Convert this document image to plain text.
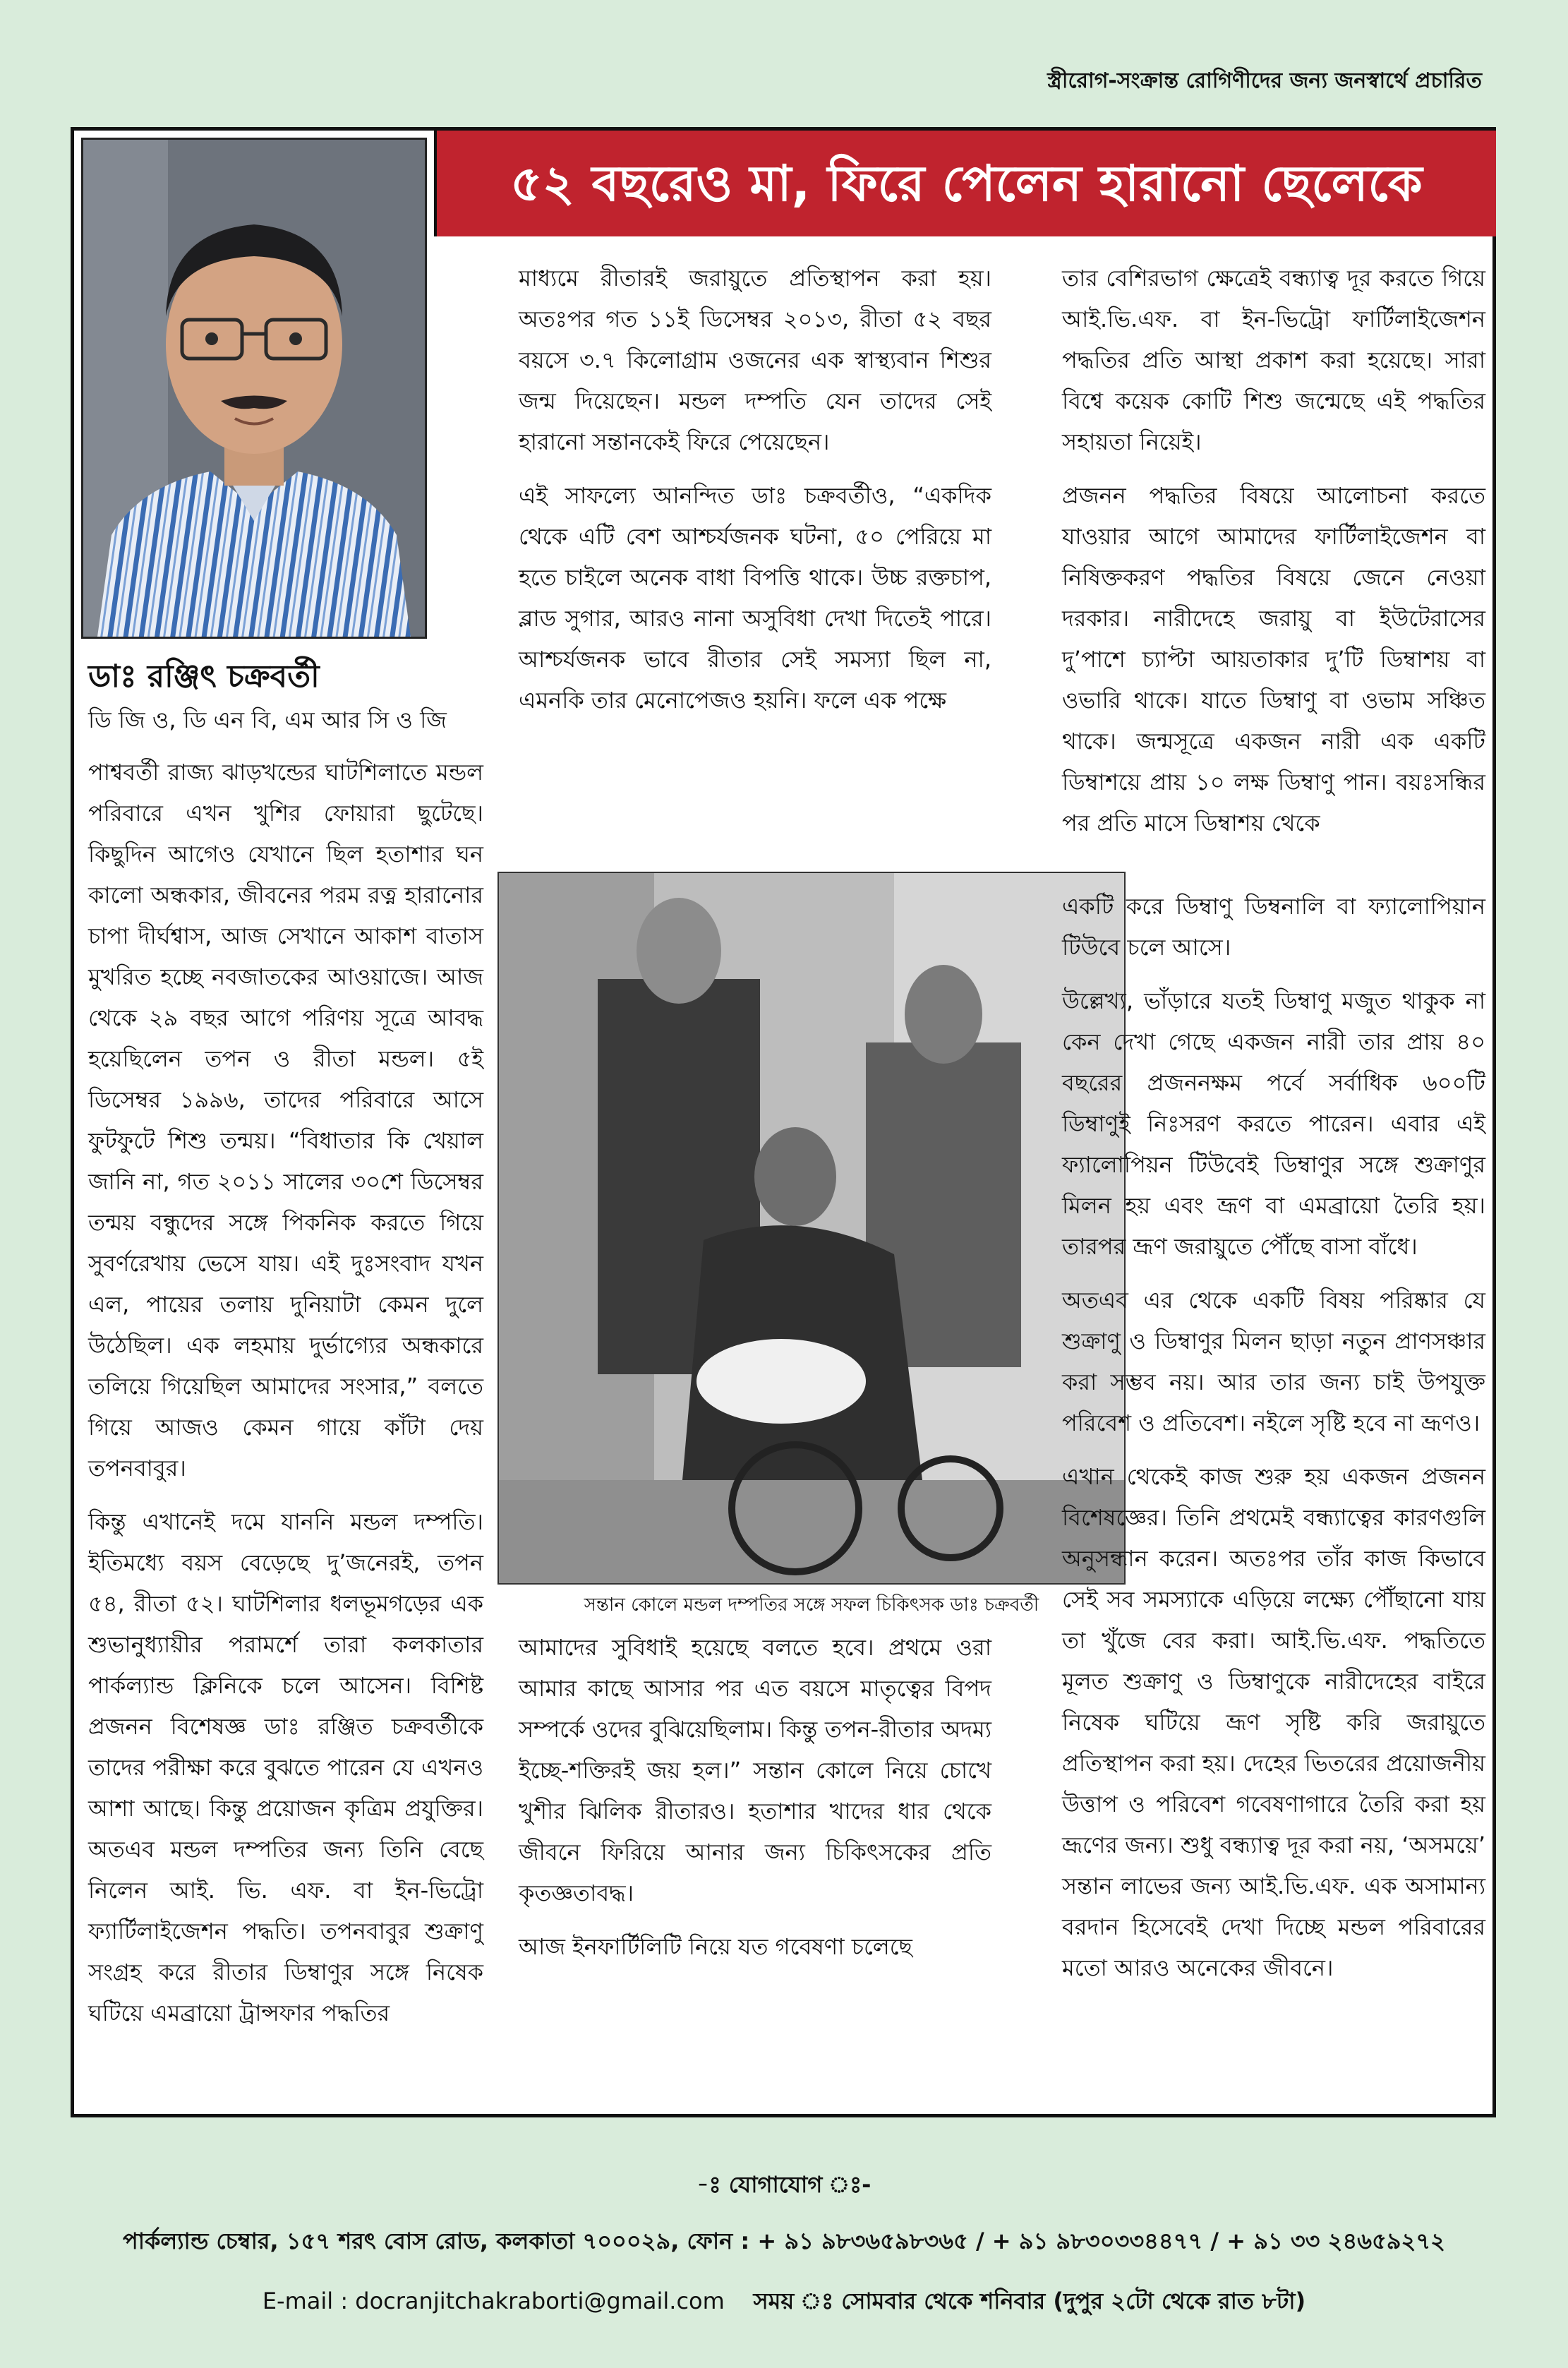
স্ত্রীরোগ-সংক্রান্ত রোগিণীদের জন্য জনস্বার্থে প্রচারিত
৫২ বছরেও মা, ফিরে পেলেন হারানো ছেলেকে
ডাঃ রঞ্জিৎ চক্রবর্তী
ডি জি ও, ডি এন বি, এম আর সি ও জি

পাশ্ববর্তী রাজ্য ঝাড়খন্ডের ঘাটশিলাতে মন্ডল পরিবারে এখন খুশির ফোয়ারা ছুটেছে। কিছুদিন আগেও যেখানে ছিল হতাশার ঘন কালো অন্ধকার, জীবনের পরম রত্ন হারানোর চাপা দীর্ঘশ্বাস, আজ সেখানে আকাশ বাতাস মুখরিত হচ্ছে নবজাতকের আওয়াজে। আজ থেকে ২৯ বছর আগে পরিণয় সূত্রে আবদ্ধ হয়েছিলেন তপন ও রীতা মন্ডল। ৫ই ডিসেম্বর ১৯৯৬, তাদের পরিবারে আসে ফুটফুটে শিশু তন্ময়। “বিধাতার কি খেয়াল জানি না, গত ২০১১ সালের ৩০শে ডিসেম্বর তন্ময় বন্ধুদের সঙ্গে পিকনিক করতে গিয়ে সুবর্ণরেখায় ভেসে যায়। এই দুঃসংবাদ যখন এল, পায়ের তলায় দুনিয়াটা কেমন দুলে উঠেছিল। এক লহমায় দুর্ভাগ্যের অন্ধকারে তলিয়ে গিয়েছিল আমাদের সংসার,” বলতে গিয়ে আজও কেমন গায়ে কাঁটা দেয় তপনবাবুর।

কিন্তু এখানেই দমে যাননি মন্ডল দম্পতি। ইতিমধ্যে বয়স বেড়েছে দু’জনেরই, তপন ৫৪, রীতা ৫২। ঘাটশিলার ধলভূমগড়ের এক শুভানুধ্যায়ীর পরামর্শে তারা কলকাতার পার্কল্যান্ড ক্লিনিকে চলে আসেন। বিশিষ্ট প্রজনন বিশেষজ্ঞ ডাঃ রঞ্জিত চক্রবর্তীকে তাদের পরীক্ষা করে বুঝতে পারেন যে এখনও আশা আছে। কিন্তু প্রয়োজন কৃত্রিম প্রযুক্তির। অতএব মন্ডল দম্পতির জন্য তিনি বেছে নিলেন আই. ভি. এফ. বা ইন-ভিট্রো ফ্যার্টিলাইজেশন পদ্ধতি। তপনবাবুর শুক্রাণু সংগ্রহ করে রীতার ডিম্বাণুর সঙ্গে নিষেক ঘটিয়ে এমব্রায়ো ট্রান্সফার পদ্ধতির

মাধ্যমে রীতারই জরায়ুতে প্রতিস্থাপন করা হয়। অতঃপর গত ১১ই ডিসেম্বর ২০১৩, রীতা ৫২ বছর বয়সে ৩.৭ কিলোগ্রাম ওজনের এক স্বাস্থ্যবান শিশুর জন্ম দিয়েছেন। মন্ডল দম্পতি যেন তাদের সেই হারানো সন্তানকেই ফিরে পেয়েছেন।

এই সাফল্যে আনন্দিত ডাঃ চক্রবর্তীও, “একদিক থেকে এটি বেশ আশ্চর্যজনক ঘটনা, ৫০ পেরিয়ে মা হতে চাইলে অনেক বাধা বিপত্তি থাকে। উচ্চ রক্তচাপ, ব্লাড সুগার, আরও নানা অসুবিধা দেখা দিতেই পারে। আশ্চর্যজনক ভাবে রীতার সেই সমস্যা ছিল না, এমনকি তার মেনোপেজও হয়নি। ফলে এক পক্ষে

সন্তান কোলে মন্ডল দম্পতির সঙ্গে সফল চিকিৎসক ডাঃ চক্রবর্তী

আমাদের সুবিধাই হয়েছে বলতে হবে। প্রথমে ওরা আমার কাছে আসার পর এত বয়সে মাতৃত্বের বিপদ সম্পর্কে ওদের বুঝিয়েছিলাম। কিন্তু তপন-রীতার অদম্য ইচ্ছে-শক্তিরই জয় হল।” সন্তান কোলে নিয়ে চোখে খুশীর ঝিলিক রীতারও। হতাশার খাদের ধার থেকে জীবনে ফিরিয়ে আনার জন্য চিকিৎসকের প্রতি কৃতজ্ঞতাবদ্ধ।

আজ ইনফার্টিলিটি নিয়ে যত গবেষণা চলেছে

তার বেশিরভাগ ক্ষেত্রেই বন্ধ্যাত্ব দূর করতে গিয়ে আই.ভি.এফ. বা ইন-ভিট্রো ফার্টিলাইজেশন পদ্ধতির প্রতি আস্থা প্রকাশ করা হয়েছে। সারা বিশ্বে কয়েক কোটি শিশু জন্মেছে এই পদ্ধতির সহায়তা নিয়েই।

প্রজনন পদ্ধতির বিষয়ে আলোচনা করতে যাওয়ার আগে আমাদের ফার্টিলাইজেশন বা নিষিক্তকরণ পদ্ধতির বিষয়ে জেনে নেওয়া দরকার। নারীদেহে জরায়ু বা ইউটেরাসের দু’পাশে চ্যাপ্টা আয়তাকার দু’টি ডিম্বাশয় বা ওভারি থাকে। যাতে ডিম্বাণু বা ওভাম সঞ্চিত থাকে। জন্মসূত্রে একজন নারী এক একটি ডিম্বাশয়ে প্রায় ১০ লক্ষ ডিম্বাণু পান। বয়ঃসন্ধির পর প্রতি মাসে ডিম্বাশয় থেকে

একটি করে ডিম্বাণু ডিম্বনালি বা ফ্যালোপিয়ান টিউবে চলে আসে।

উল্লেখ্য, ভাঁড়ারে যতই ডিম্বাণু মজুত থাকুক না কেন দেখা গেছে একজন নারী তার প্রায় ৪০ বছরের প্রজননক্ষম পর্বে সর্বাধিক ৬০০টি ডিম্বাণুই নিঃসরণ করতে পারেন। এবার এই ফ্যালোপিয়ন টিউবেই ডিম্বাণুর সঙ্গে শুক্রাণুর মিলন হয় এবং ভ্রূণ বা এমব্রায়ো তৈরি হয়। তারপর ভ্রূণ জরায়ুতে পৌঁছে বাসা বাঁধে।

অতএব এর থেকে একটি বিষয় পরিষ্কার যে শুক্রাণু ও ডিম্বাণুর মিলন ছাড়া নতুন প্রাণসঞ্চার করা সম্ভব নয়। আর তার জন্য চাই উপযুক্ত পরিবেশ ও প্রতিবেশ। নইলে সৃষ্টি হবে না ভ্রূণও।

এখান থেকেই কাজ শুরু হয় একজন প্রজনন বিশেষজ্ঞের। তিনি প্রথমেই বন্ধ্যাত্বের কারণগুলি অনুসন্ধান করেন। অতঃপর তাঁর কাজ কিভাবে সেই সব সমস্যাকে এড়িয়ে লক্ষ্যে পৌঁছানো যায় তা খুঁজে বের করা। আই.ভি.এফ. পদ্ধতিতে মূলত শুক্রাণু ও ডিম্বাণুকে নারীদেহের বাইরে নিষেক ঘটিয়ে ভ্রূণ সৃষ্টি করি জরায়ুতে প্রতিস্থাপন করা হয়। দেহের ভিতরের প্রয়োজনীয় উত্তাপ ও পরিবেশ গবেষণাগারে তৈরি করা হয় ভ্রূণের জন্য। শুধু বন্ধ্যাত্ব দূর করা নয়, ‘অসময়ে’ সন্তান লাভের জন্য আই.ভি.এফ. এক অসামান্য বরদান হিসেবেই দেখা দিচ্ছে মন্ডল পরিবারের মতো আরও অনেকের জীবনে।

-ঃ যোগাযোগ ঃ-
পার্কল্যান্ড চেম্বার, ১৫৭ শরৎ বোস রোড, কলকাতা ৭০০০২৯, ফোন : + ৯১ ৯৮৩৬৫৯৮৩৬৫ / + ৯১ ৯৮৩০৩৩৪৪৭৭ / + ৯১ ৩৩ ২৪৬৫৯২৭২
E-mail : docranjitchakraborti@gmail.com সময় ঃ সোমবার থেকে শনিবার (দুপুর ২টো থেকে রাত ৮টা)
